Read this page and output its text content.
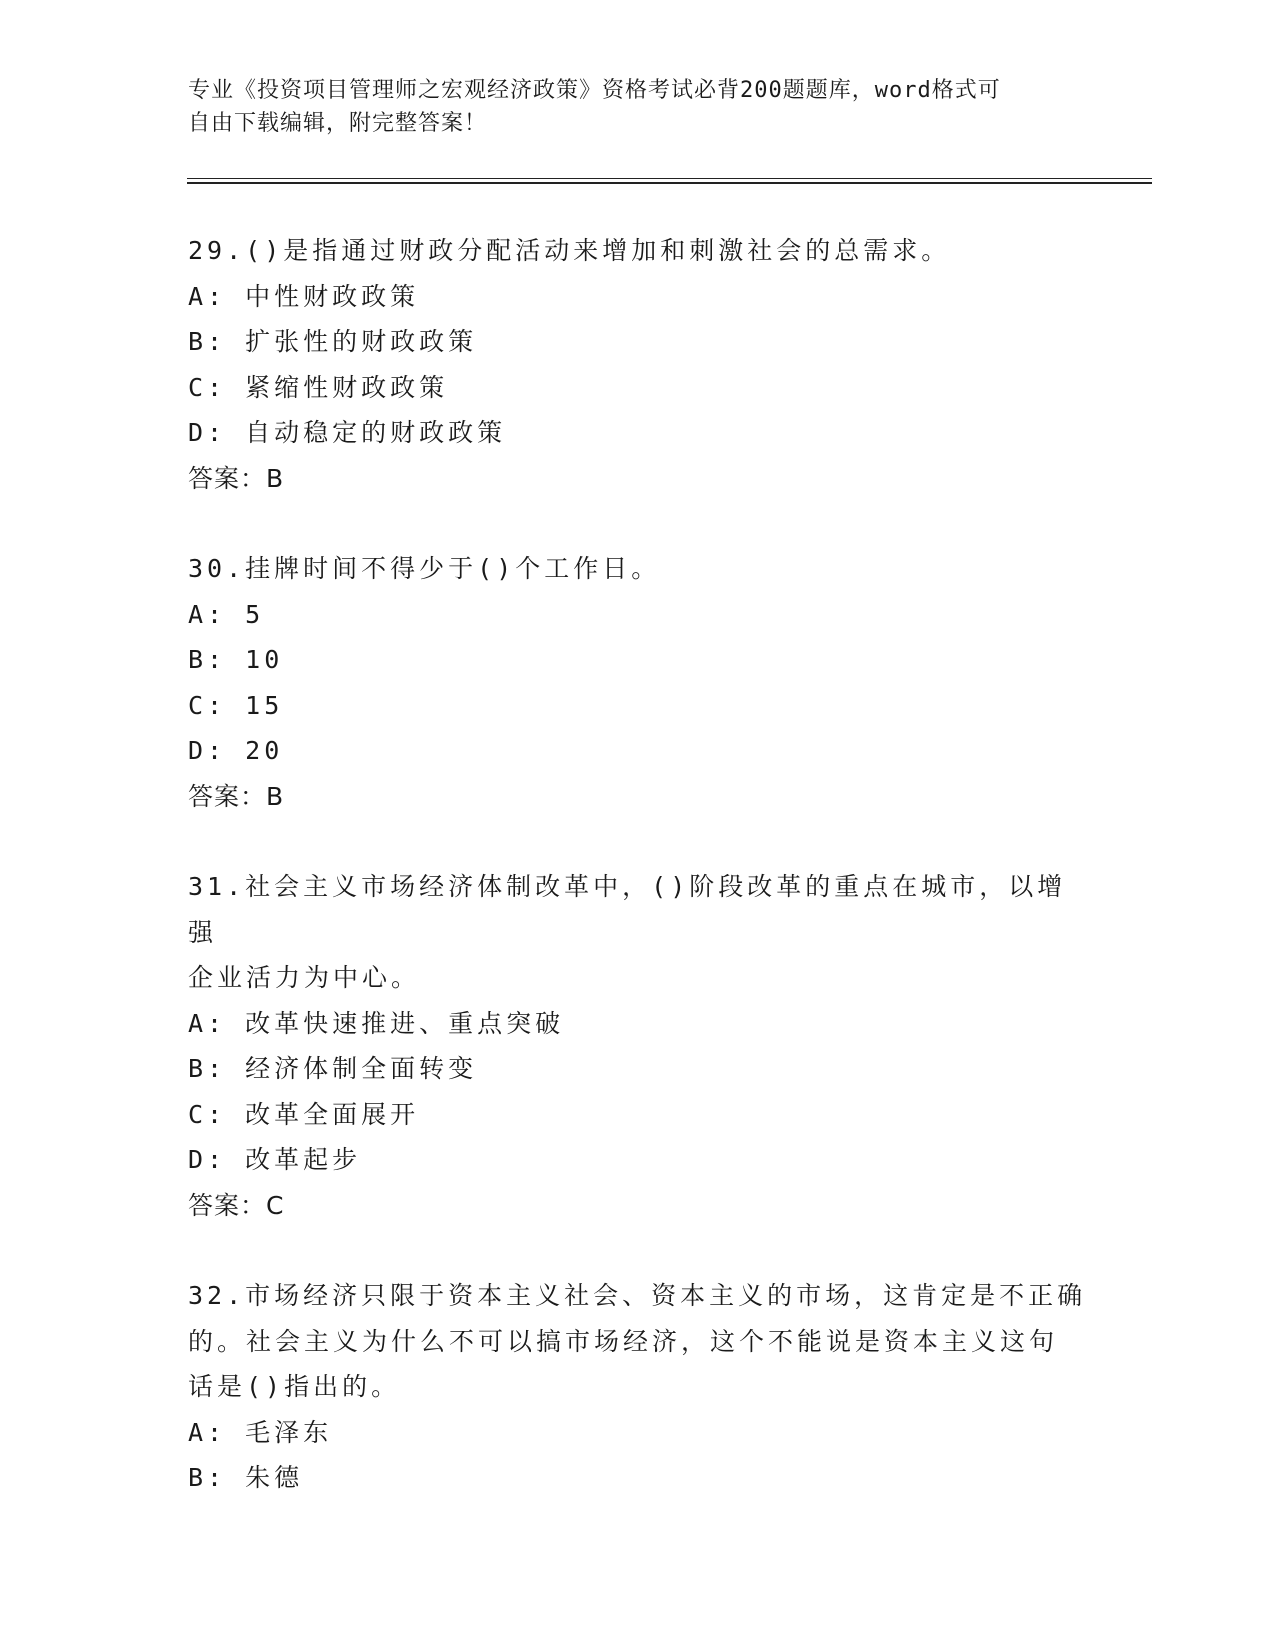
专业《投资项目管理师之宏观经济政策》资格考试必背200题题库，word格式可
自由下载编辑，附完整答案！
29.()是指通过财政分配活动来增加和刺激社会的总需求。
A: 中性财政政策
B: 扩张性的财政政策
C: 紧缩性财政政策
D: 自动稳定的财政政策
答案：B
30.挂牌时间不得少于()个工作日。
A: 5
B: 10
C: 15
D: 20
答案：B
31.社会主义市场经济体制改革中，()阶段改革的重点在城市，以增强
企业活力为中心。
A: 改革快速推进、重点突破
B: 经济体制全面转变
C: 改革全面展开
D: 改革起步
答案：C
32.市场经济只限于资本主义社会、资本主义的市场，这肯定是不正确
的。社会主义为什么不可以搞市场经济，这个不能说是资本主义这句
话是()指出的。
A: 毛泽东
B: 朱德
